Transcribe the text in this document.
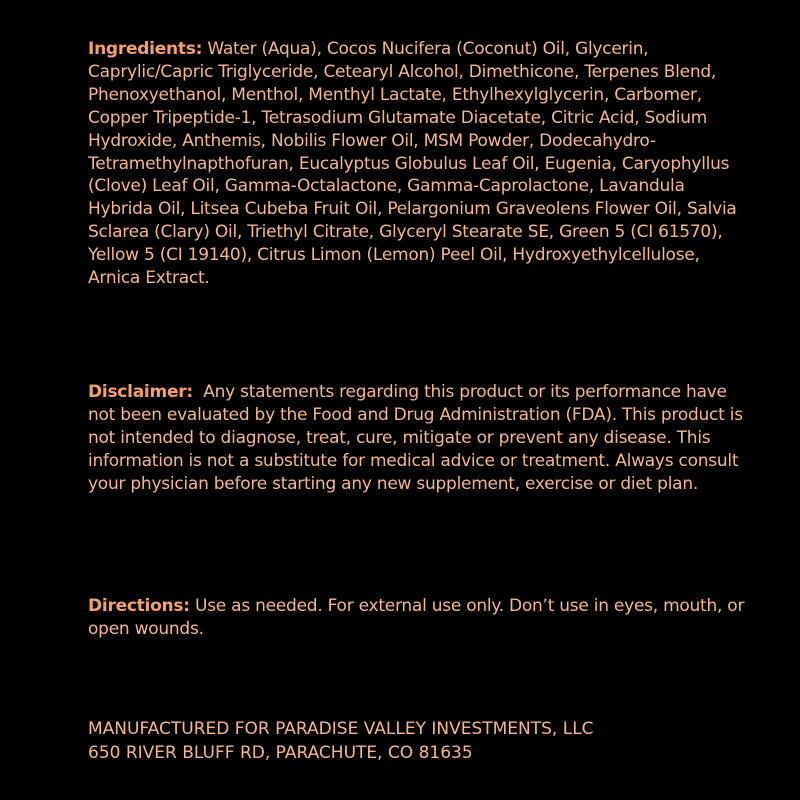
Ingredients: Water (Aqua), Cocos Nucifera (Coconut) Oil, Glycerin, Caprylic/Capric Triglyceride, Cetearyl Alcohol, Dimethicone, Terpenes Blend, Phenoxyethanol, Menthol, Menthyl Lactate, Ethylhexylglycerin, Carbomer, Copper Tripeptide-1, Tetrasodium Glutamate Diacetate, Citric Acid, Sodium Hydroxide, Anthemis, Nobilis Flower Oil, MSM Powder, Dodecahydro-Tetramethylnapthofuran, Eucalyptus Globulus Leaf Oil, Eugenia, Caryophyllus (Clove) Leaf Oil, Gamma-Octalactone, Gamma-Caprolactone, Lavandula Hybrida Oil, Litsea Cubeba Fruit Oil, Pelargonium Graveolens Flower Oil, Salvia Sclarea (Clary) Oil, Triethyl Citrate, Glyceryl Stearate SE, Green 5 (CI 61570), Yellow 5 (CI 19140), Citrus Limon (Lemon) Peel Oil, Hydroxyethylcellulose, Arnica Extract.
Disclaimer: Any statements regarding this product or its performance have not been evaluated by the Food and Drug Administration (FDA). This product is not intended to diagnose, treat, cure, mitigate or prevent any disease. This information is not a substitute for medical advice or treatment. Always consult your physician before starting any new supplement, exercise or diet plan.
Directions: Use as needed. For external use only. Don’t use in eyes, mouth, or open wounds.
MANUFACTURED FOR PARADISE VALLEY INVESTMENTS, LLC
650 RIVER BLUFF RD, PARACHUTE, CO 81635
